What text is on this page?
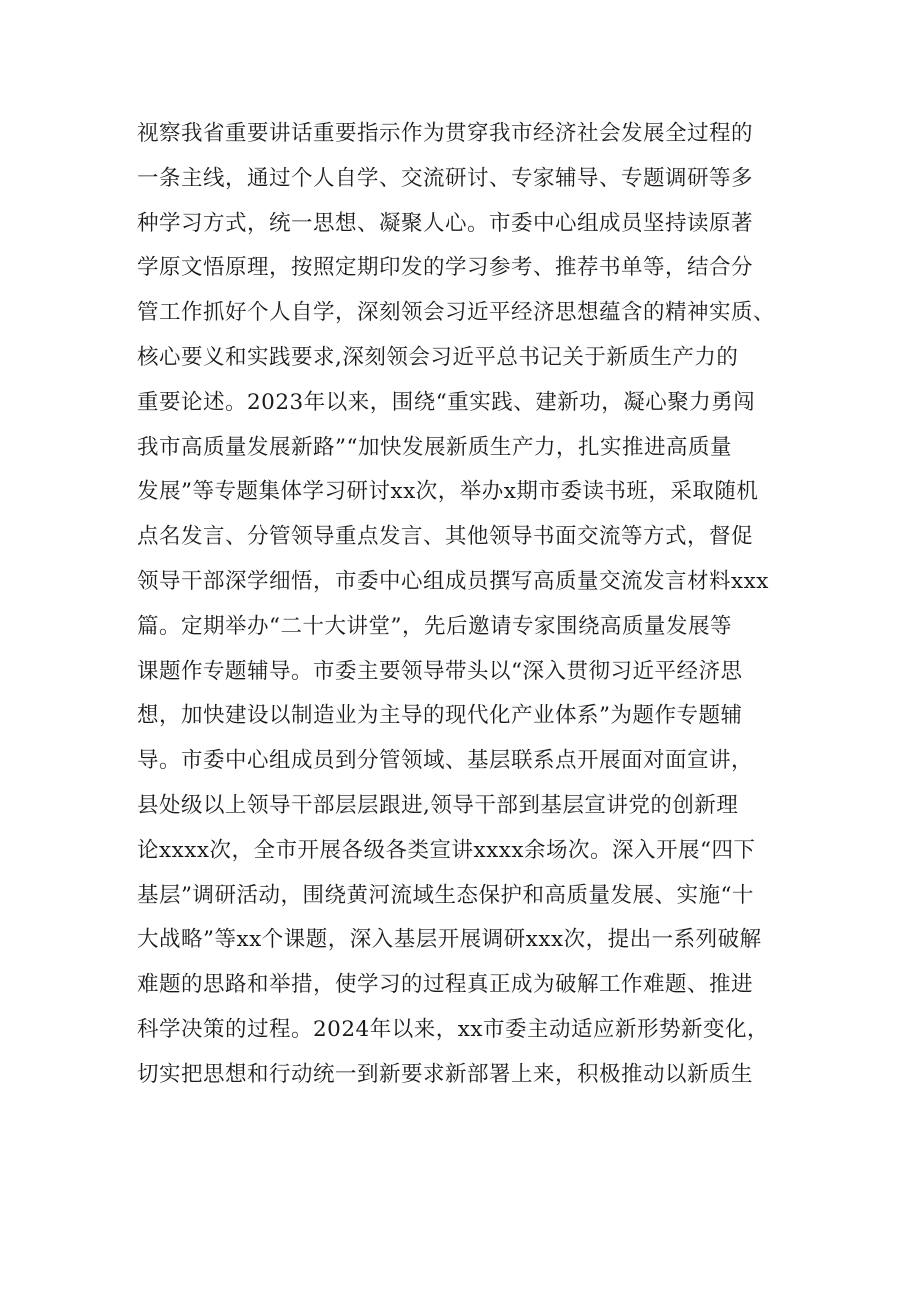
视察我省重要讲话重要指示作为贯穿我市经济社会发展全过程的
一条主线，通过个人自学、交流研讨、专家辅导、专题调研等多
种学习方式，统一思想、凝聚人心。市委中心组成员坚持读原著
学原文悟原理，按照定期印发的学习参考、推荐书单等，结合分
管工作抓好个人自学，深刻领会习近平经济思想蕴含的精神实质、
核心要义和实践要求,深刻领会习近平总书记关于新质生产力的
重要论述。2023年以来，围绕“重实践、建新功，凝心聚力勇闯
我市高质量发展新路”“加快发展新质生产力，扎实推进高质量
发展”等专题集体学习研讨xx次，举办x期市委读书班，采取随机
点名发言、分管领导重点发言、其他领导书面交流等方式，督促
领导干部深学细悟，市委中心组成员撰写高质量交流发言材料xxx
篇。定期举办“二十大讲堂”，先后邀请专家围绕高质量发展等
课题作专题辅导。市委主要领导带头以“深入贯彻习近平经济思
想，加快建设以制造业为主导的现代化产业体系”为题作专题辅
导。市委中心组成员到分管领域、基层联系点开展面对面宣讲，
县处级以上领导干部层层跟进,领导干部到基层宣讲党的创新理
论xxxx次，全市开展各级各类宣讲xxxx余场次。深入开展“四下
基层”调研活动，围绕黄河流域生态保护和高质量发展、实施“十
大战略”等xx个课题，深入基层开展调研xxx次，提出一系列破解
难题的思路和举措，使学习的过程真正成为破解工作难题、推进
科学决策的过程。2024年以来，xx市委主动适应新形势新变化，
切实把思想和行动统一到新要求新部署上来，积极推动以新质生
